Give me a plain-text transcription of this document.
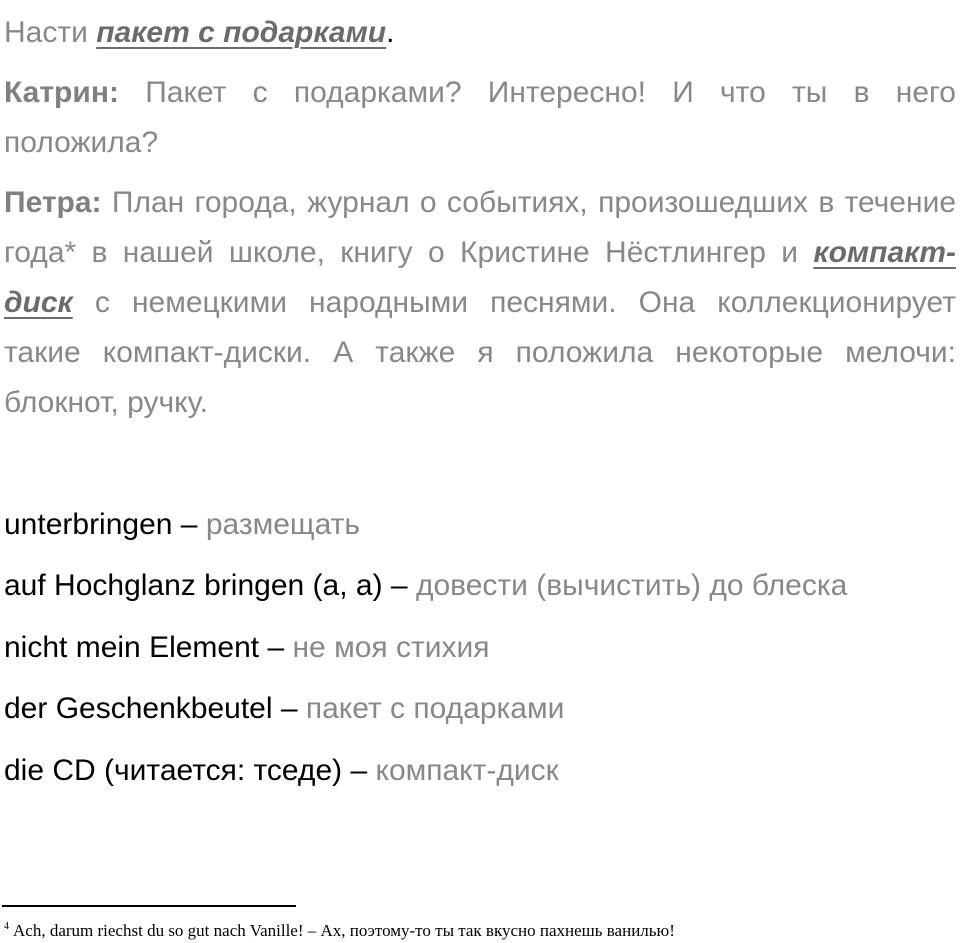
Насти пакет с подарками.
Катрин: Пакет с подарками? Интересно! И что ты в него положила?
Петра: План города, журнал о событиях, произошедших в течение года* в нашей школе, книгу о Кристине Нёстлингер и компакт-диск с немецкими народными песнями. Она коллекционирует такие компакт-диски. А также я положила некоторые мелочи: блокнот, ручку.
unterbringen – размещать
auf Hochglanz bringen (a, a) – довести (вычистить) до блеска
nicht mein Element – не моя стихия
der Geschenkbeutel – пакет с подарками
die CD (читается: тседе) – компакт-диск
$^4$ Ach, darum riechst du so gut nach Vanille! – Ах, поэтому-то ты так вкусно пахнешь ванилью!
